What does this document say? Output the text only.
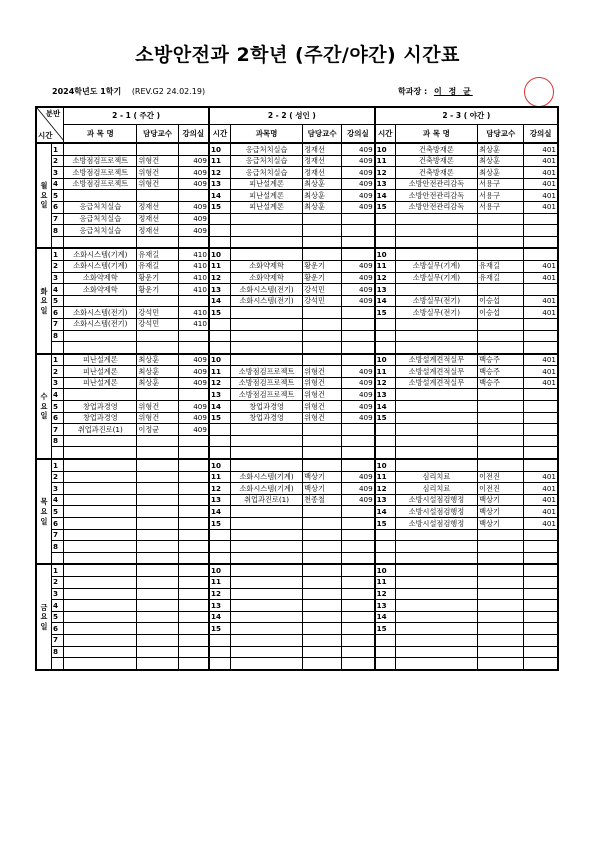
소방안전과 2학년 (주간/야간) 시간표
2024학년도 1학기 (REV.G2 24.02.19)	학과장 : 이 정 균
분반
시간		2 - 1 ( 주간 )			2 - 2 ( 성인 )				2 - 3 ( 야간 )			
		과 목 명	담당교수	강의실	시간	과목명	담당교수	강의실	시간	과 목 명	담당교수	강의실
월
요
일	1				10	응급처치실습	정재선	409	10	건축방재론	최상훈	401
	2	소방점검프로젝트	위형건	409	11	응급처치실습	정재선	409	11	건축방재론	최상훈	401
	3	소방점검프로젝트	위형건	409	12	응급처치실습	정재선	409	12	건축방재론	최상훈	401
	4	소방점검프로젝트	위형건	409	13	피난설계론	최상훈	409	13	소방안전관리감독	서용구	401
	5				14	피난설계론	최상훈	409	14	소방안전관리감독	서용구	401
	6	응급처치실습	정재선	409	15	피난설계론	최상훈	409	15	소방안전관리감독	서용구	401
	7	응급처치실습	정재선	409								
	8	응급처치실습	정재선	409								

화
요
일	1	소화시스템(기계)	유재길	410	10				10			
	2	소화시스템(기계)	유재길	410	11	소화약제학	황운기	409	11	소방실무(기계)	유재길	401
	3	소화약제학	황운기	410	12	소화약제학	황운기	409	12	소방실무(기계)	유재길	401
	4	소화약제학	황운기	410	13	소화시스템(전기)	강석민	409	13			
	5				14	소화시스템(전기)	강석민	409	14	소방실무(전기)	이승섭	401
	6	소화시스템(전기)	강석민	410	15				15	소방실무(전기)	이승섭	401
	7	소화시스템(전기)	강석민	410								
	8											

수
요
일	1	피난설계론	최상훈	409	10				10	소방설계견적실무	백승주	401
	2	피난설계론	최상훈	409	11	소방점검프로젝트	위형건	409	11	소방설계견적실무	백승주	401
	3	피난설계론	최상훈	409	12	소방점검프로젝트	위형건	409	12	소방설계견적실무	백승주	401
	4				13	소방점검프로젝트	위형건	409	13			
	5	창업과경영	위형건	409	14	창업과경영	위형건	409	14			
	6	창업과경영	위형건	409	15	창업과경영	위형건	409	15			
	7	취업과진로(1)	이정균	409								
	8											

목
요
일	1				10				10			
	2				11	소화시스템(기계)	백상기	409	11	심리치료	이전진	401
	3				12	소화시스템(기계)	백상기	409	12	심리치료	이전진	401
	4				13	취업과진로(1)	천종철	409	13	소방시설점검행정	백상기	401
	5				14				14	소방시설점검행정	백상기	401
	6				15				15	소방시설점검행정	백상기	401
	7											
	8											

금
요
일	1				10				10			
	2				11				11			
	3				12				12			
	4				13				13			
	5				14				14			
	6				15				15			
	7											
	8											
